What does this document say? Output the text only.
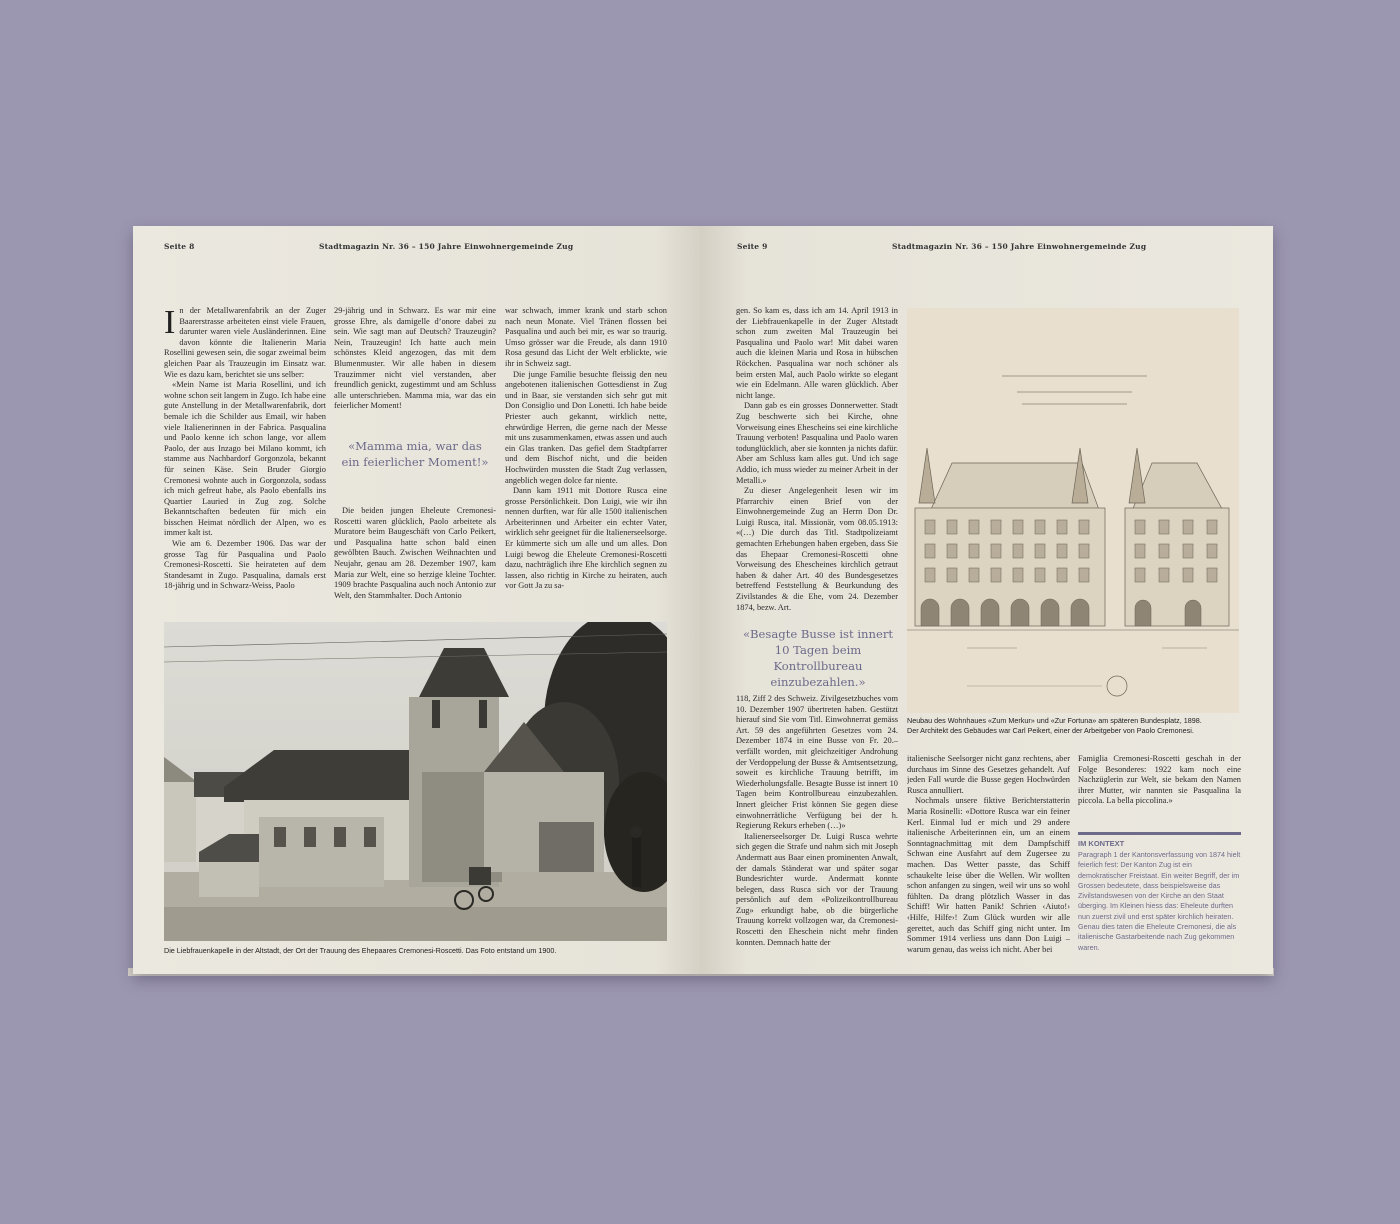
Seite 8	Stadtmagazin Nr. 36 – 150 Jahre Einwohnergemeinde Zug
I n der Metallwarenfabrik an der Zuger Baarerstrasse arbeiteten einst viele Frauen, darunter waren viele Ausländerinnen. Eine davon könnte die Italienerin Maria Rosellini gewesen sein, die sogar zweimal beim gleichen Paar als Trauzeugin im Einsatz war. Wie es dazu kam, berichtet sie uns selber:

«Mein Name ist Maria Rosellini, und ich wohne schon seit langem in Zugo. Ich habe eine gute Anstellung in der Metallwarenfabrik, dort bemale ich die Schilder aus Email, wir haben viele Italienerinnen in der Fabrica. Pasqualina und Paolo kenne ich schon lange, vor allem Paolo, der aus Inzago bei Milano kommt, ich stamme aus Nachbardorf Gorgonzola, bekannt für seinen Käse. Sein Bruder Giorgio Cremonesi wohnte auch in Gorgonzola, sodass ich mich gefreut habe, als Paolo ebenfalls ins Quartier Lauried in Zug zog. Solche Bekanntschaften bedeuten für mich ein bisschen Heimat nördlich der Alpen, wo es immer kalt ist.

Wie am 6. Dezember 1906. Das war der grosse Tag für Pasqualina und Paolo Cremonesi-Roscetti. Sie heirateten auf dem Standesamt in Zugo. Pasqualina, damals erst 18-jährig und in Schwarz-Weiss, Paolo

29-jährig und in Schwarz. Es war mir eine grosse Ehre, als damigelle d’onore dabei zu sein. Wie sagt man auf Deutsch? Trauzeugin? Nein, Trauzeugin! Ich hatte auch mein schönstes Kleid angezogen, das mit dem Blumenmuster. Wir alle haben in diesem Trauzimmer nicht viel verstanden, aber freundlich genickt, zugestimmt und am Schluss alle unterschrieben. Mamma mia, war das ein feierlicher Moment!

«Mamma mia, war das ein feierlicher Moment!»

Die beiden jungen Eheleute Cremonesi-Roscetti waren glücklich, Paolo arbeitete als Muratore beim Baugeschäft von Carlo Peikert, und Pasqualina hatte schon bald einen gewölbten Bauch. Zwischen Weihnachten und Neujahr, genau am 28. Dezember 1907, kam Maria zur Welt, eine so herzige kleine Tochter. 1909 brachte Pasqualina auch noch Antonio zur Welt, den Stammhalter. Doch Antonio

war schwach, immer krank und starb schon nach neun Monate. Viel Tränen flossen bei Pasqualina und auch bei mir, es war so traurig. Umso grösser war die Freude, als dann 1910 Rosa gesund das Licht der Welt erblickte, wie ihr in Schweiz sagt.

Die junge Familie besuchte fleissig den neu angebotenen italienischen Gottesdienst in Zug und in Baar, sie verstanden sich sehr gut mit Don Consiglio und Don Lonetti. Ich habe beide Priester auch gekannt, wirklich nette, ehrwürdige Herren, die gerne nach der Messe mit uns zusammenkamen, etwas assen und auch ein Glas tranken. Das gefiel dem Stadtpfarrer und dem Bischof nicht, und die beiden Hochwürden mussten die Stadt Zug verlassen, angeblich wegen dolce far niente.

Dann kam 1911 mit Dottore Rusca eine grosse Persönlichkeit. Don Luigi, wie wir ihn nennen durften, war für alle 1500 italienischen Arbeiterinnen und Arbeiter ein echter Vater, wirklich sehr geeignet für die Italienerseelsorge. Er kümmerte sich um alle und um alles. Don Luigi bewog die Eheleute Cremonesi-Roscetti dazu, nachträglich ihre Ehe kirchlich segnen zu lassen, also richtig in Kirche zu heiraten, auch vor Gott Ja zu sa-

Die Liebfrauenkapelle in der Altstadt, der Ort der Trauung des Ehepaares Cremonesi-Roscetti. Das Foto entstand um 1900.
Seite 9	Stadtmagazin Nr. 36 – 150 Jahre Einwohnergemeinde Zug

gen. So kam es, dass ich am 14. April 1913 in der Liebfrauenkapelle in der Zuger Altstadt schon zum zweiten Mal Trauzeugin bei Pasqualina und Paolo war! Mit dabei waren auch die kleinen Maria und Rosa in hübschen Röckchen. Pasqualina war noch schöner als beim ersten Mal, auch Paolo wirkte so elegant wie ein Edelmann. Alle waren glücklich. Aber nicht lange.

Dann gab es ein grosses Donnerwetter. Stadt Zug beschwerte sich bei Kirche, ohne Vorweisung eines Ehescheins sei eine kirchliche Trauung verboten! Pasqualina und Paolo waren todunglücklich, aber sie konnten ja nichts dafür. Aber am Schluss kam alles gut. Und ich sage Addio, ich muss wieder zu meiner Arbeit in der Metalli.»

Zu dieser Angelegenheit lesen wir im Pfarrarchiv einen Brief von der Einwohnergemeinde Zug an Herrn Don Dr. Luigi Rusca, ital. Missionär, vom 08.05.1913: «(…) Die durch das Titl. Stadtpolizeiamt gemachten Erhebungen haben ergeben, dass Sie das Ehepaar Cremonesi-Roscetti ohne Vorweisung des Ehescheines kirchlich getraut haben & daher Art. 40 des Bundesgesetzes betreffend Feststellung & Beurkundung des Zivilstandes & die Ehe, vom 24. Dezember 1874, bezw. Art.

«Besagte Busse ist innert 10 Tagen beim Kontrollbureau einzubezahlen.»

118, Ziff 2 des Schweiz. Zivilgesetzbuches vom 10. Dezember 1907 übertreten haben. Gestützt hierauf sind Sie vom Titl. Einwohnerrat gemäss Art. 59 des angeführten Gesetzes vom 24. Dezember 1874 in eine Busse von Fr. 20.– verfällt worden, mit gleichzeitiger Androhung der Verdoppelung der Busse & Amtsentsetzung, soweit es kirchliche Trauung betrifft, im Wiederholungsfalle. Besagte Busse ist innert 10 Tagen beim Kontrollbureau einzubezahlen. Innert gleicher Frist können Sie gegen diese einwohnerrätliche Verfügung bei der h. Regierung Rekurs erheben (…)»

Italienerseelsorger Dr. Luigi Rusca wehrte sich gegen die Strafe und nahm sich mit Joseph Andermatt aus Baar einen prominenten Anwalt, der damals Ständerat war und später sogar Bundesrichter wurde. Andermatt konnte belegen, dass Rusca sich vor der Trauung persönlich auf dem «Polizeikontrollbureau Zug» erkundigt habe, ob die bürgerliche Trauung korrekt vollzogen war, da Cremonesi-Roscetti den Eheschein nicht mehr finden konnten. Demnach hatte der

Neubau des Wohnhaues «Zum Merkur» und «Zur Fortuna» am späteren Bundesplatz, 1898.
Der Architekt des Gebäudes war Carl Peikert, einer der Arbeitgeber von Paolo Cremonesi.

italienische Seelsorger nicht ganz rechtens, aber durchaus im Sinne des Gesetzes gehandelt. Auf jeden Fall wurde die Busse gegen Hochwürden Rusca annulliert.

Nochmals unsere fiktive Berichterstatterin Maria Rosinelli: «Dottore Rusca war ein feiner Kerl. Einmal lud er mich und 29 andere italienische Arbeiterinnen ein, um an einem Sonntagnachmittag mit dem Dampfschiff Schwan eine Ausfahrt auf dem Zugersee zu machen. Das Wetter passte, das Schiff schaukelte leise über die Wellen. Wir wollten schon anfangen zu singen, weil wir uns so wohl fühlten. Da drang plötzlich Wasser in das Schiff! Wir hatten Panik! Schrien ‹Aiuto!› ‹Hilfe, Hilfe›! Zum Glück wurden wir alle gerettet, auch das Schiff ging nicht unter. Im Sommer 1914 verliess uns dann Don Luigi – warum genau, das weiss ich nicht. Aber bei

Famiglia Cremonesi-Roscetti geschah in der Folge Besonderes: 1922 kam noch eine Nachzüglerin zur Welt, sie bekam den Namen ihrer Mutter, wir nannten sie Pasqualina la piccola. La bella piccolina.»

IM KONTEXT
Paragraph 1 der Kantonsverfassung von 1874 hielt feierlich fest: Der Kanton Zug ist ein demokratischer Freistaat. Ein weiter Begriff, der im Grossen bedeutete, dass beispielsweise das Zivilstandswesen von der Kirche an den Staat überging. Im Kleinen hiess das: Eheleute durften nun zuerst zivil und erst später kirchlich heiraten. Genau dies taten die Eheleute Cremonesi, die als italienische Gastarbeitende nach Zug gekommen waren.
